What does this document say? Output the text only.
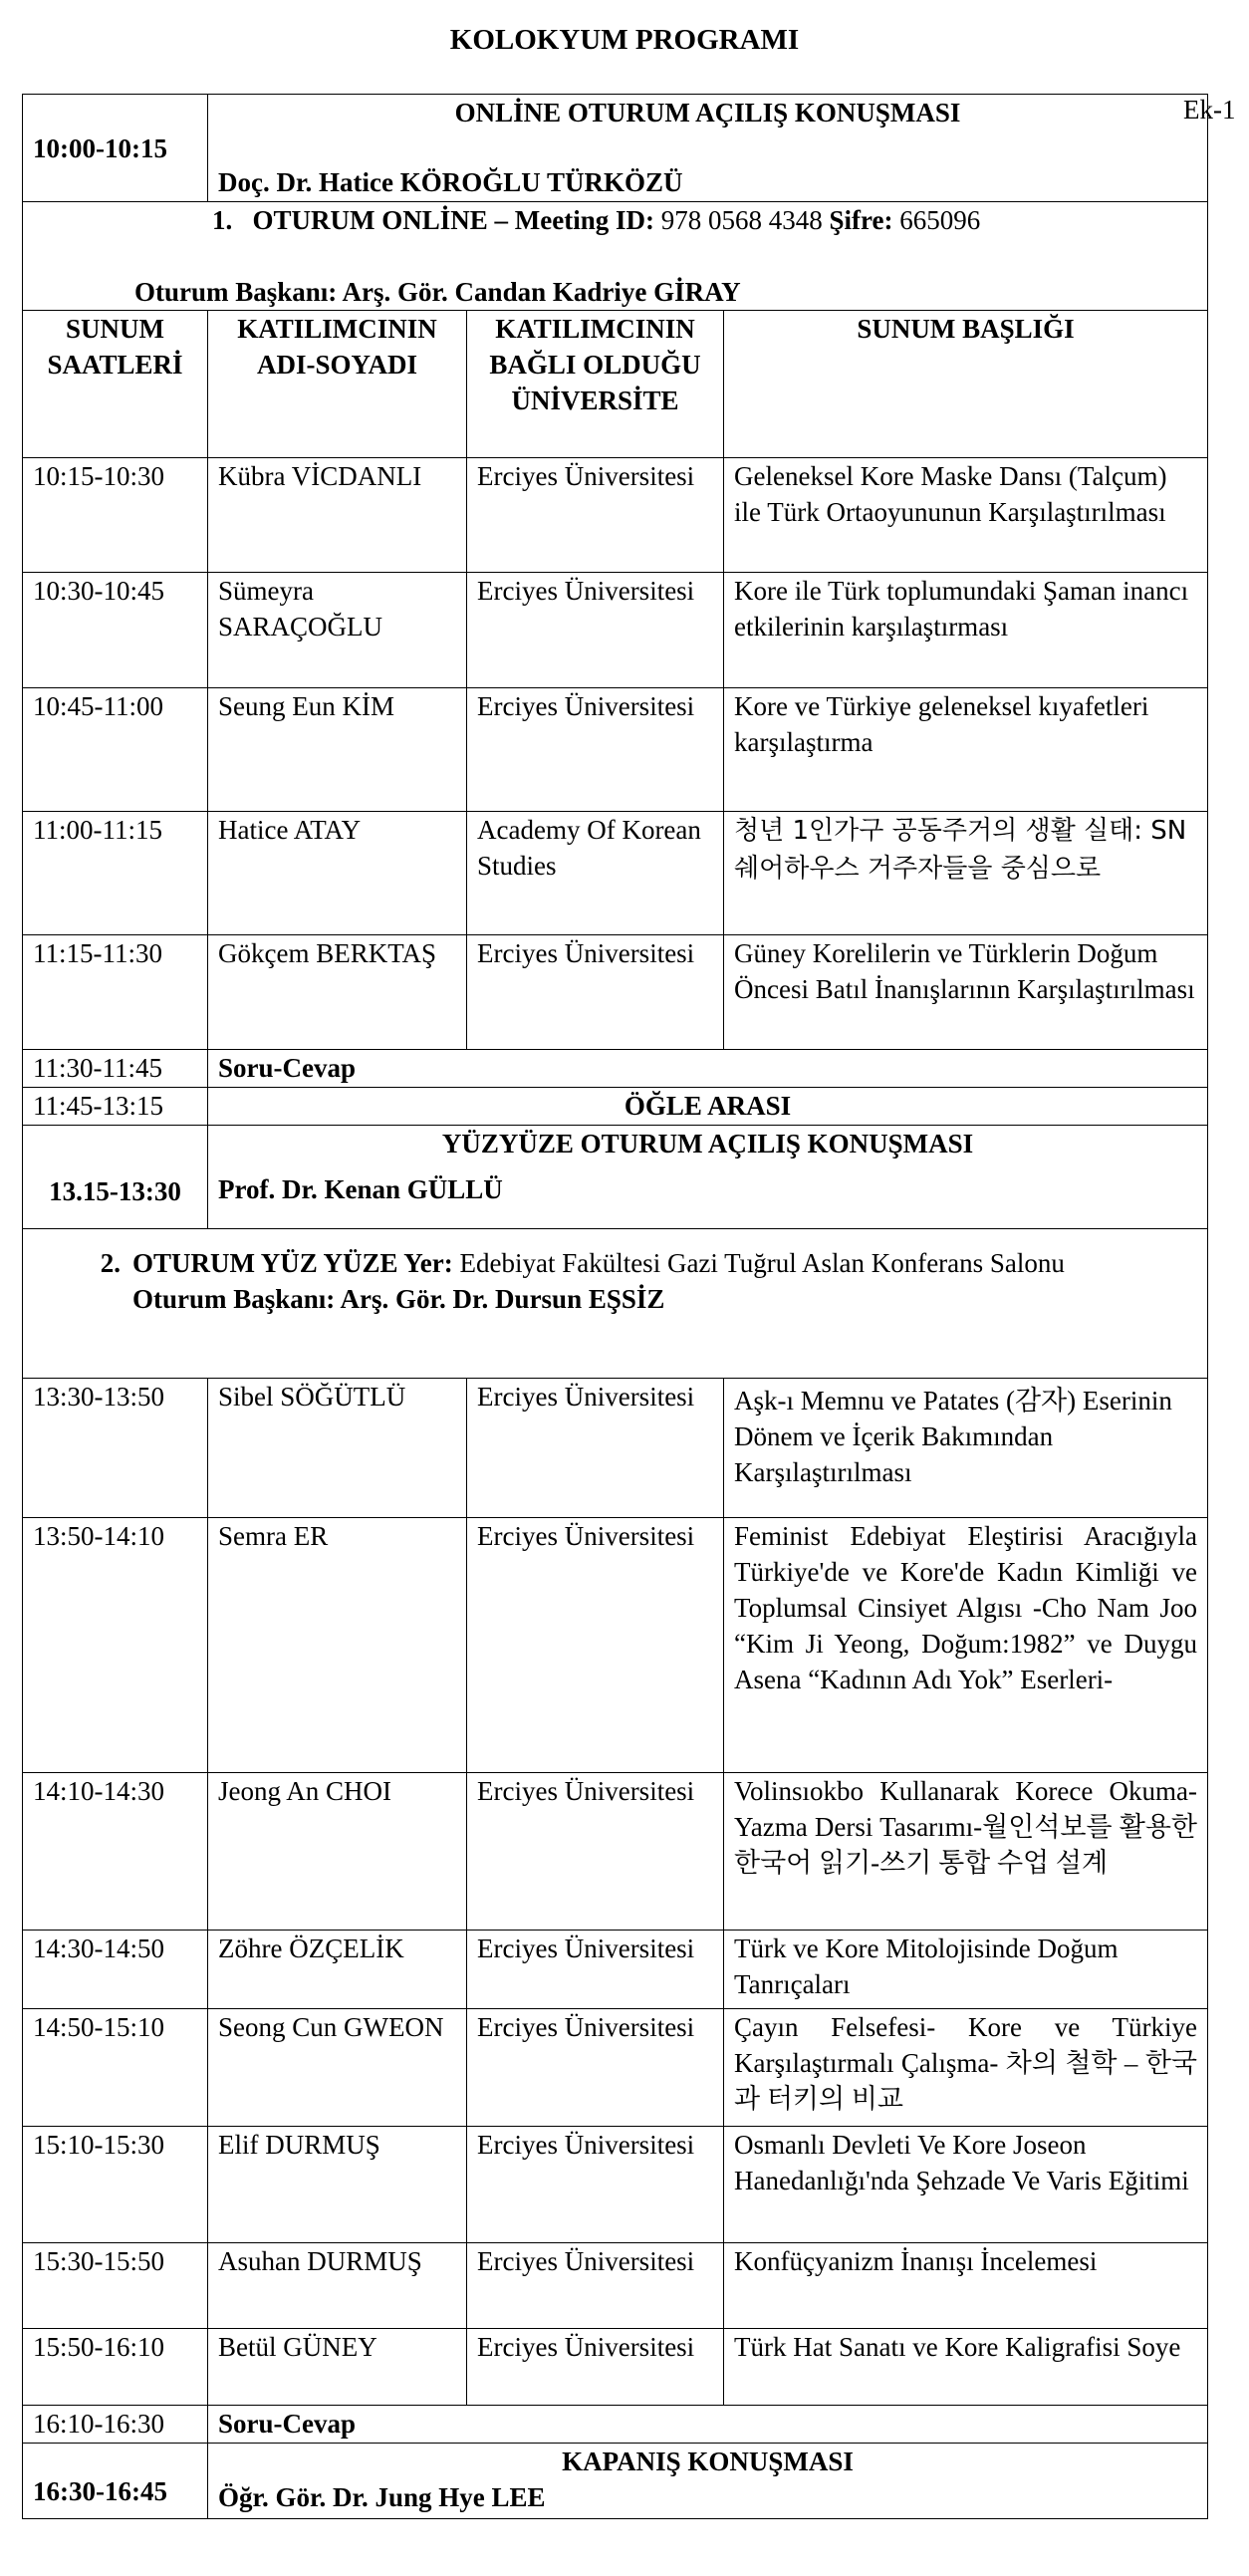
KOLOKYUM PROGRAMI
Ek-1
10:00-10:15	ONLİNE OTURUM AÇILIŞ KONUŞMASI
Doç. Dr. Hatice KÖROĞLU TÜRKÖZÜ		

1. OTURUM ONLİNE – Meeting ID: 978 0568 4348 Şifre: 665096
Oturum Başkanı: Arş. Gör. Candan Kadriye GİRAY			

SUNUM SAATLERİ	KATILIMCININ ADI-SOYADI	KATILIMCININ BAĞLI OLDUĞU ÜNİVERSİTE	SUNUM BAŞLIĞI
10:15-10:30	Kübra VİCDANLI	Erciyes Üniversitesi	Geleneksel Kore Maske Dansı (Talçum) ile Türk Ortaoyununun Karşılaştırılması
10:30-10:45	Sümeyra SARAÇOĞLU	Erciyes Üniversitesi	Kore ile Türk toplumundaki Şaman inancı etkilerinin karşılaştırması
10:45-11:00	Seung Eun KİM	Erciyes Üniversitesi	Kore ve Türkiye geleneksel kıyafetleri karşılaştırma
11:00-11:15	Hatice ATAY	Academy Of Korean Studies	청년 1인가구 공동주거의 생활 실태: SN 쉐어하우스 거주자들을 중심으로
11:15-11:30	Gökçem BERKTAŞ	Erciyes Üniversitesi	Güney Korelilerin ve Türklerin Doğum Öncesi Batıl İnanışlarının Karşılaştırılması
11:30-11:45	Soru-Cevap		
11:45-13:15	ÖĞLE ARASI		
13.15-13:30	YÜZYÜZE OTURUM AÇILIŞ KONUŞMASI
Prof. Dr. Kenan GÜLLÜ		

2. OTURUM YÜZ YÜZE Yer: Edebiyat Fakültesi Gazi Tuğrul Aslan Konferans Salonu
Oturum Başkanı: Arş. Gör. Dr. Dursun EŞSİZ			

13:30-13:50	Sibel SÖĞÜTLÜ	Erciyes Üniversitesi	Aşk-ı Memnu ve Patates (감자) Eserinin Dönem ve İçerik Bakımından Karşılaştırılması
13:50-14:10	Semra ER	Erciyes Üniversitesi	Feminist Edebiyat Eleştirisi Aracığıyla Türkiye'de ve Kore'de Kadın Kimliği ve Toplumsal Cinsiyet Algısı -Cho Nam Joo “Kim Ji Yeong, Doğum:1982” ve Duygu Asena “Kadının Adı Yok” Eserleri-
14:10-14:30	Jeong An CHOI	Erciyes Üniversitesi	Volinsıokbo Kullanarak Korece Okuma-Yazma Dersi Tasarımı-월인석보를 활용한 한국어 읽기-쓰기 통합 수업 설계
14:30-14:50	Zöhre ÖZÇELİK	Erciyes Üniversitesi	Türk ve Kore Mitolojisinde Doğum Tanrıçaları
14:50-15:10	Seong Cun GWEON	Erciyes Üniversitesi	Çayın Felsefesi- Kore ve Türkiye Karşılaştırmalı Çalışma- 차의 철학 – 한국과 터키의 비교
15:10-15:30	Elif DURMUŞ	Erciyes Üniversitesi	Osmanlı Devleti Ve Kore Joseon Hanedanlığı'nda Şehzade Ve Varis Eğitimi
15:30-15:50	Asuhan DURMUŞ	Erciyes Üniversitesi	Konfüçyanizm İnanışı İncelemesi
15:50-16:10	Betül GÜNEY	Erciyes Üniversitesi	Türk Hat Sanatı ve Kore Kaligrafisi Soye
16:10-16:30	Soru-Cevap		
16:30-16:45	KAPANIŞ KONUŞMASI
Öğr. Gör. Dr. Jung Hye LEE		
